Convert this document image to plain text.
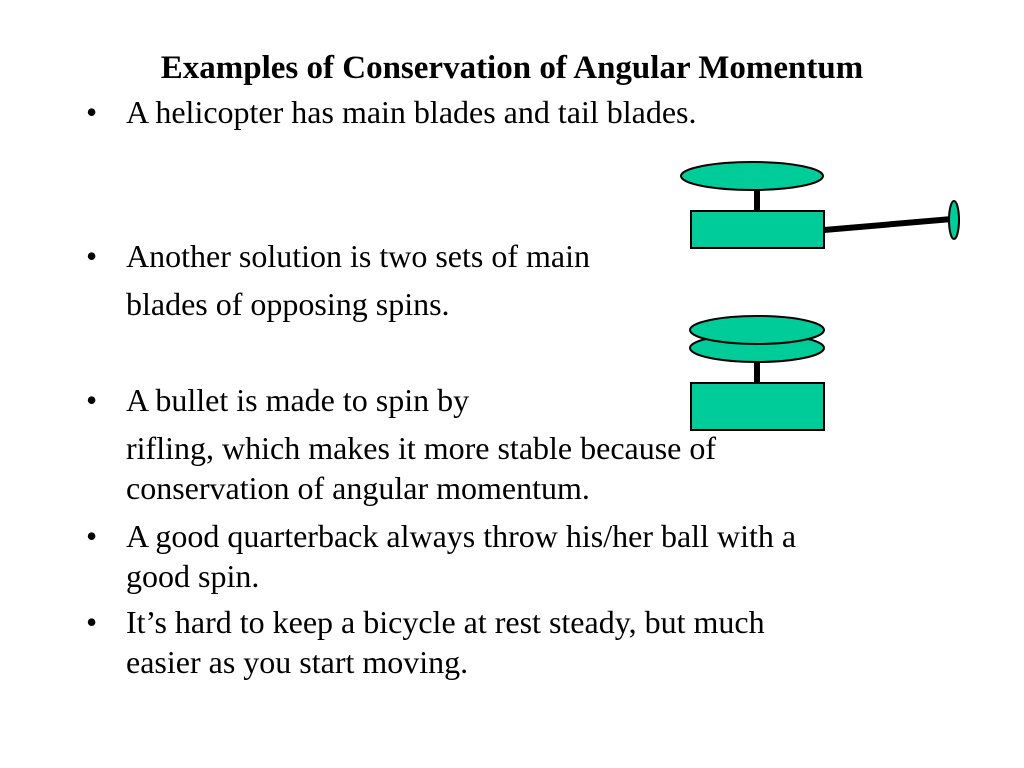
Examples of Conservation of Angular Momentum
•
•
•
•
•
A helicopter has main blades and tail blades.
Another solution is two sets of main
blades of opposing spins.
A bullet is made to spin by
rifling, which makes it more stable because of
conservation of angular momentum.
A good quarterback always throw his/her ball with a
good spin.
It’s hard to keep a bicycle at rest steady, but much
easier as you start moving.
